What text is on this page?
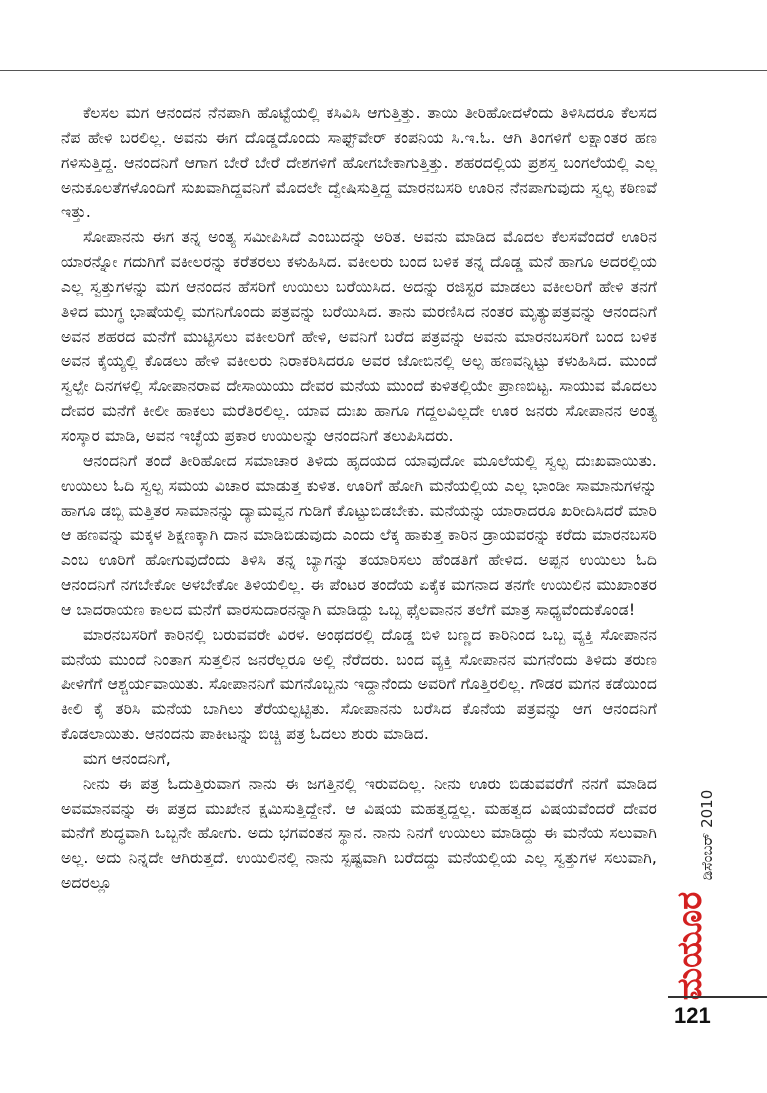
ಕೆಲಸಲ ಮಗ ಆನಂದನ ನೆನಪಾಗಿ ಹೊಟ್ಟೆಯಲ್ಲಿ ಕಸಿವಿಸಿ ಆಗುತ್ತಿತ್ತು. ತಾಯಿ ತೀರಿಹೋದಳೆಂದು ತಿಳಿಸಿದರೂ ಕೆಲಸದ ನೆಪ ಹೇಳಿ ಬರಲಿಲ್ಲ. ಅವನು ಈಗ ದೊಡ್ಡದೊಂದು ಸಾಫ್ಟ್‌ವೇರ್ ಕಂಪನಿಯ ಸಿ.ಇ.ಓ. ಆಗಿ ತಿಂಗಳಿಗೆ ಲಕ್ಷಾಂತರ ಹಣ ಗಳಿಸುತ್ತಿದ್ದ. ಆನಂದನಿಗೆ ಆಗಾಗ ಬೇರೆ ಬೇರೆ ದೇಶಗಳಿಗೆ ಹೋಗಬೇಕಾಗುತ್ತಿತ್ತು. ಶಹರದಲ್ಲಿಯ ಪ್ರಶಸ್ತ ಬಂಗಲೆಯಲ್ಲಿ ಎಲ್ಲ ಅನುಕೂಲತೆಗಳೊಂದಿಗೆ ಸುಖವಾಗಿದ್ದವನಿಗೆ ಮೊದಲೇ ದ್ವೇಷಿಸುತ್ತಿದ್ದ ಮಾರನಬಸರಿ ಊರಿನ ನೆನಪಾಗುವುದು ಸ್ವಲ್ಪ ಕಠಿಣವೆ ಇತ್ತು.

ಸೋಪಾನನು ಈಗ ತನ್ನ ಅಂತ್ಯ ಸಮೀಪಿಸಿದೆ ಎಂಬುದನ್ನು ಅರಿತ. ಅವನು ಮಾಡಿದ ಮೊದಲ ಕೆಲಸವೆಂದರೆ ಊರಿನ ಯಾರನ್ನೋ ಗದುಗಿಗೆ ವಕೀಲರನ್ನು ಕರೆತರಲು ಕಳುಹಿಸಿದ. ವಕೀಲರು ಬಂದ ಬಳಿಕ ತನ್ನ ದೊಡ್ಡ ಮನೆ ಹಾಗೂ ಅದರಲ್ಲಿಯ ಎಲ್ಲ ಸ್ವತ್ತುಗಳನ್ನು ಮಗ ಆನಂದನ ಹೆಸರಿಗೆ ಉಯಿಲು ಬರೆಯಿಸಿದ. ಅದನ್ನು ರಜಿಸ್ಟರ ಮಾಡಲು ವಕೀಲರಿಗೆ ಹೇಳಿ ತನಗೆ ತಿಳಿದ ಮುಗ್ಧ ಭಾಷೆಯಲ್ಲಿ ಮಗನಿಗೊಂದು ಪತ್ರವನ್ನು ಬರೆಯಿಸಿದ. ತಾನು ಮರಣಿಸಿದ ನಂತರ ಮೃತ್ಯುಪತ್ರವನ್ನು ಆನಂದನಿಗೆ ಅವನ ಶಹರದ ಮನೆಗೆ ಮುಟ್ಟಿಸಲು ವಕೀಲರಿಗೆ ಹೇಳಿ, ಅವನಿಗೆ ಬರೆದ ಪತ್ರವನ್ನು ಅವನು ಮಾರನಬಸರಿಗೆ ಬಂದ ಬಳಿಕ ಅವನ ಕೈಯ್ಯಲ್ಲಿ ಕೊಡಲು ಹೇಳಿ ವಕೀಲರು ನಿರಾಕರಿಸಿದರೂ ಅವರ ಜೋಬಿನಲ್ಲಿ ಅಲ್ಪ ಹಣವನ್ನಿಟ್ಟು ಕಳುಹಿಸಿದ. ಮುಂದೆ ಸ್ವಲ್ಪೇ ದಿನಗಳಲ್ಲಿ ಸೋಪಾನರಾವ ದೇಸಾಯಿಯು ದೇವರ ಮನೆಯ ಮುಂದೆ ಕುಳಿತಲ್ಲಿಯೇ ಪ್ರಾಣಬಿಟ್ಟ. ಸಾಯುವ ಮೊದಲು ದೇವರ ಮನೆಗೆ ಕೀಲೀ ಹಾಕಲು ಮರೆತಿರಲಿಲ್ಲ. ಯಾವ ದುಃಖ ಹಾಗೂ ಗದ್ದಲವಿಲ್ಲದೇ ಊರ ಜನರು ಸೋಪಾನನ ಅಂತ್ಯ ಸಂಸ್ಕಾರ ಮಾಡಿ, ಅವನ ಇಚ್ಛೆಯ ಪ್ರಕಾರ ಉಯಿಲನ್ನು ಆನಂದನಿಗೆ ತಲುಪಿಸಿದರು.

ಆನಂದನಿಗೆ ತಂದೆ ತೀರಿಹೋದ ಸಮಾಚಾರ ತಿಳಿದು ಹೃದಯದ ಯಾವುದೋ ಮೂಲೆಯಲ್ಲಿ ಸ್ವಲ್ಪ ದುಃಖವಾಯಿತು. ಉಯಿಲು ಓದಿ ಸ್ವಲ್ಪ ಸಮಯ ವಿಚಾರ ಮಾಡುತ್ತ ಕುಳಿತ. ಊರಿಗೆ ಹೋಗಿ ಮನೆಯಲ್ಲಿಯ ಎಲ್ಲ ಭಾಂಡೀ ಸಾಮಾನುಗಳನ್ನು ಹಾಗೂ ಡಬ್ಬಿ ಮತ್ತಿತರ ಸಾಮಾನನ್ನು ದ್ಯಾಮವ್ವನ ಗುಡಿಗೆ ಕೊಟ್ಟುಬಿಡಬೇಕು. ಮನೆಯನ್ನು ಯಾರಾದರೂ ಖರೀದಿಸಿದರೆ ಮಾರಿ ಆ ಹಣವನ್ನು ಮಕ್ಕಳ ಶಿಕ್ಷಣಕ್ಕಾಗಿ ದಾನ ಮಾಡಿಬಿಡುವುದು ಎಂದು ಲೆಕ್ಕ ಹಾಕುತ್ತ ಕಾರಿನ ಡ್ರಾಯವರನ್ನು ಕರೆದು ಮಾರನಬಸರಿ ಎಂಬ ಊರಿಗೆ ಹೋಗುವುದೆಂದು ತಿಳಿಸಿ ತನ್ನ ಬ್ಯಾಗನ್ನು ತಯಾರಿಸಲು ಹೆಂಡತಿಗೆ ಹೇಳಿದ. ಅಪ್ಪನ ಉಯಿಲು ಓದಿ ಆನಂದನಿಗೆ ನಗಬೇಕೋ ಅಳಬೇಕೋ ತಿಳಿಯಲಿಲ್ಲ. ಈ ಪೆಂಟರ ತಂದೆಯ ಏಕೈಕ ಮಗನಾದ ತನಗೇ ಉಯಿಲಿನ ಮುಖಾಂತರ ಆ ಬಾದರಾಯಣ ಕಾಲದ ಮನೆಗೆ ವಾರಸುದಾರನನ್ನಾಗಿ ಮಾಡಿದ್ದು ಒಬ್ಬ ಫೈಲವಾನನ ತಲೆಗೆ ಮಾತ್ರ ಸಾಧ್ಯವೆಂದುಕೊಂಡ!

ಮಾರನಬಸರಿಗೆ ಕಾರಿನಲ್ಲಿ ಬರುವವರೇ ವಿರಳ. ಅಂಥದರಲ್ಲಿ ದೊಡ್ಡ ಬಿಳಿ ಬಣ್ಣದ ಕಾರಿನಿಂದ ಒಬ್ಬ ವ್ಯಕ್ತಿ ಸೋಪಾನನ ಮನೆಯ ಮುಂದೆ ನಿಂತಾಗ ಸುತ್ತಲಿನ ಜನರೆಲ್ಲರೂ ಅಲ್ಲಿ ನೆರೆದರು. ಬಂದ ವ್ಯಕ್ತಿ ಸೋಪಾನನ ಮಗನೆಂದು ತಿಳಿದು ತರುಣ ಪೀಳಿಗೆಗೆ ಆಶ್ಚರ್ಯವಾಯಿತು. ಸೋಪಾನನಿಗೆ ಮಗನೊಬ್ಬನು ಇದ್ದಾನೆಂದು ಅವರಿಗೆ ಗೊತ್ತಿರಲಿಲ್ಲ. ಗೌಡರ ಮಗನ ಕಡೆಯಿಂದ ಕೀಲಿ ಕೈ ತರಿಸಿ ಮನೆಯ ಬಾಗಿಲು ತೆರೆಯಲ್ಪಟ್ಟಿತು. ಸೋಪಾನನು ಬರೆಸಿದ ಕೊನೆಯ ಪತ್ರವನ್ನು ಆಗ ಆನಂದನಿಗೆ ಕೊಡಲಾಯಿತು. ಆನಂದನು ಪಾಕೀಟನ್ನು ಬಿಚ್ಚಿ ಪತ್ರ ಓದಲು ಶುರು ಮಾಡಿದ.

ಮಗ ಆನಂದನಿಗೆ,

ನೀನು ಈ ಪತ್ರ ಓದುತ್ತಿರುವಾಗ ನಾನು ಈ ಜಗತ್ತಿನಲ್ಲಿ ಇರುವದಿಲ್ಲ. ನೀನು ಊರು ಬಿಡುವವರೆಗೆ ನನಗೆ ಮಾಡಿದ ಅವಮಾನವನ್ನು ಈ ಪತ್ರದ ಮುಖೇನ ಕ್ಷಮಿಸುತ್ತಿದ್ದೇನೆ. ಆ ವಿಷಯ ಮಹತ್ವದ್ದಲ್ಲ. ಮಹತ್ವದ ವಿಷಯವೆಂದರೆ ದೇವರ ಮನೆಗೆ ಶುದ್ಧವಾಗಿ ಒಬ್ಬನೇ ಹೋಗು. ಅದು ಭಗವಂತನ ಸ್ಥಾನ. ನಾನು ನಿನಗೆ ಉಯಿಲು ಮಾಡಿದ್ದು ಈ ಮನೆಯ ಸಲುವಾಗಿ ಅಲ್ಲ. ಅದು ನಿನ್ನದೇ ಆಗಿರುತ್ತದೆ. ಉಯಿಲಿನಲ್ಲಿ ನಾನು ಸ್ಪಷ್ಟವಾಗಿ ಬರೆದದ್ದು ಮನೆಯಲ್ಲಿಯ ಎಲ್ಲ ಸ್ವತ್ತುಗಳ ಸಲುವಾಗಿ, ಅದರಲ್ಲೂ

ಡಿಸೆಂಬರ್ 2010
ಮಯೂರ
121
